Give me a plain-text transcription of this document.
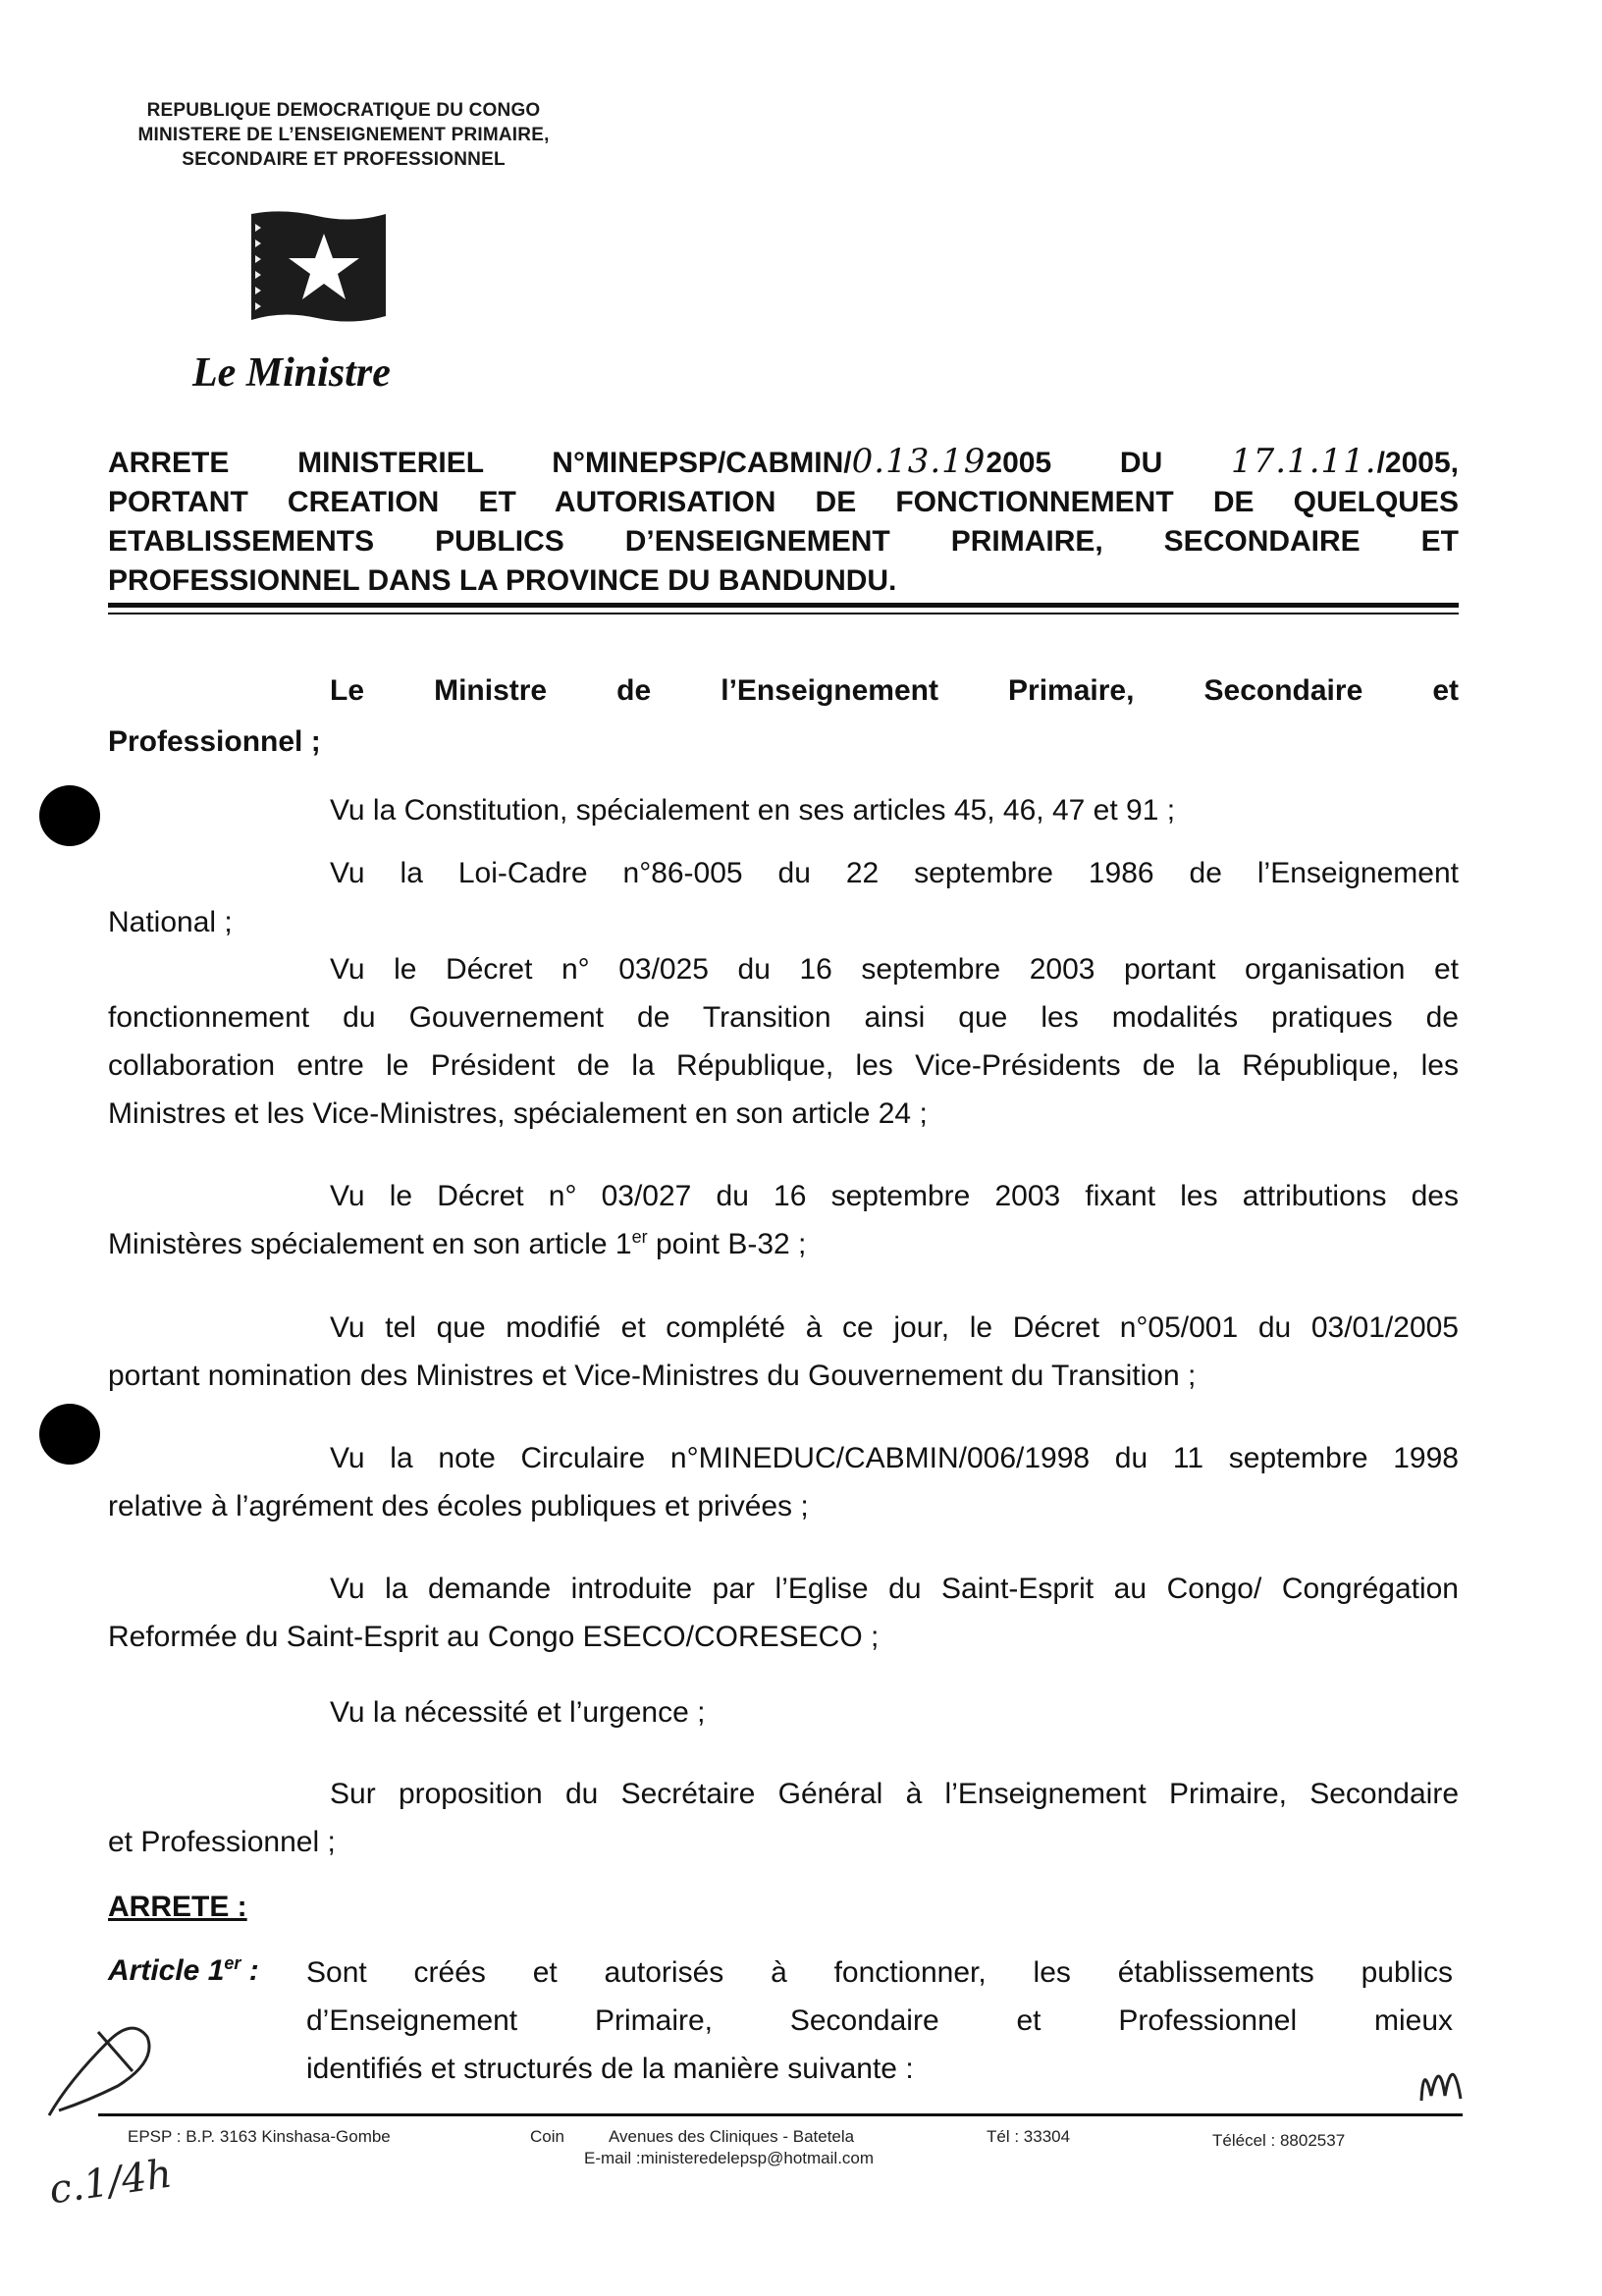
REPUBLIQUE DEMOCRATIQUE DU CONGO
MINISTERE DE L’ENSEIGNEMENT PRIMAIRE,
SECONDAIRE ET PROFESSIONNEL
Le Ministre
ARRETE MINISTERIEL N°MINEPSP/CABMIN/0.13.192005 DU 17.1.11./2005,
PORTANT CREATION ET AUTORISATION DE FONCTIONNEMENT DE QUELQUES
ETABLISSEMENTS PUBLICS D’ENSEIGNEMENT PRIMAIRE, SECONDAIRE ET
PROFESSIONNEL DANS LA PROVINCE DU BANDUNDU.
Le Ministre de l’Enseignement Primaire, Secondaire et
Professionnel ;
Vu la Constitution, spécialement en ses articles 45, 46, 47 et 91 ;
Vu la Loi-Cadre n°86-005 du 22 septembre 1986 de l’Enseignement
National ;
Vu le Décret n° 03/025 du 16 septembre 2003 portant organisation et
fonctionnement du Gouvernement de Transition ainsi que les modalités pratiques de
collaboration entre le Président de la République, les Vice-Présidents de la République, les
Ministres et les Vice-Ministres, spécialement en son article 24 ;
Vu le Décret n° 03/027 du 16 septembre 2003 fixant les attributions des
Ministères spécialement en son article 1er point B-32 ;
Vu tel que modifié et complété à ce jour, le Décret n°05/001 du 03/01/2005
portant nomination des Ministres et Vice-Ministres du Gouvernement du Transition ;
Vu la note Circulaire n°MINEDUC/CABMIN/006/1998 du 11 septembre 1998
relative à l’agrément des écoles publiques et privées ;
Vu la demande introduite par l’Eglise du Saint-Esprit au Congo/ Congrégation
Reformée du Saint-Esprit au Congo ESECO/CORESECO ;
Vu la nécessité et l’urgence ;
Sur proposition du Secrétaire Général à l’Enseignement Primaire, Secondaire
et Professionnel ;
ARRETE :
Article 1er : Sont créés et autorisés à fonctionner, les établissements publics
d’Enseignement Primaire, Secondaire et Professionnel mieux
identifiés et structurés de la manière suivante :
EPSP : B.P. 3163 Kinshasa-Gombe	Coin	Avenues des Cliniques - Batetela
E-mail :ministeredelepsp@hotmail.com
Tél : 33304	Télécel : 8802537
c.1/4h
